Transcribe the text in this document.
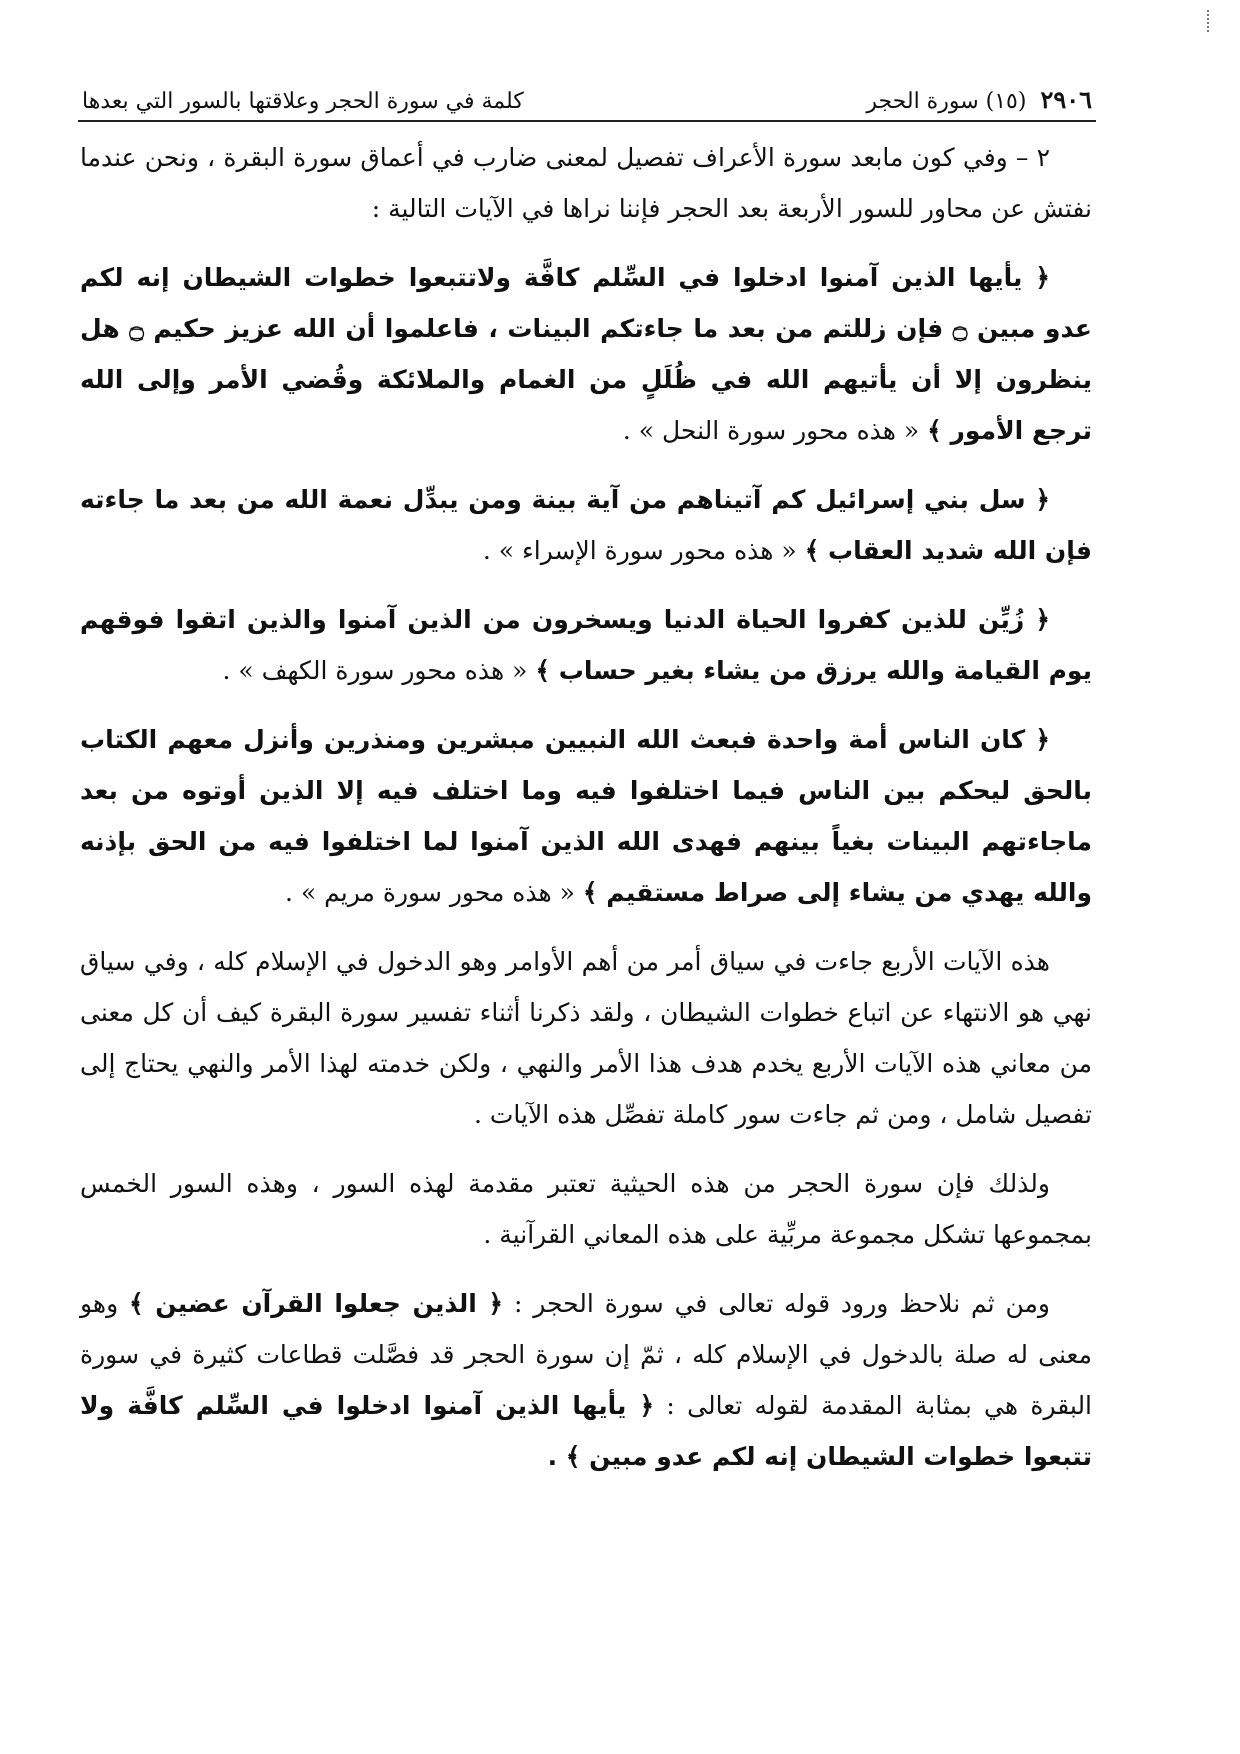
٢٩٠٦
(١٥) سورة الحجر
كلمة في سورة الحجر وعلاقتها بالسور التي بعدها

٢ – وفي كون مابعد سورة الأعراف تفصيل لمعنى ضارب في أعماق سورة البقرة ، ونحن عندما نفتش عن محاور للسور الأربعة بعد الحجر فإننا نراها في الآيات التالية :

﴿ يأيها الذين آمنوا ادخلوا في السِّلم كافَّة ولاتتبعوا خطوات الشيطان إنه لكم عدو مبين ۝ فإن زللتم من بعد ما جاءتكم البينات ، فاعلموا أن الله عزيز حكيم ۝ هل ينظرون إلا أن يأتيهم الله في ظُلَلٍ من الغمام والملائكة وقُضي الأمر وإلى الله ترجع الأمور ﴾ « هذه محور سورة النحل » .

﴿ سل بني إسرائيل كم آتيناهم من آية بينة ومن يبدِّل نعمة الله من بعد ما جاءته فإن الله شديد العقاب ﴾ « هذه محور سورة الإسراء » .

﴿ زُيِّن للذين كفروا الحياة الدنيا ويسخرون من الذين آمنوا والذين اتقوا فوقهم يوم القيامة والله يرزق من يشاء بغير حساب ﴾ « هذه محور سورة الكهف » .

﴿ كان الناس أمة واحدة فبعث الله النبيين مبشرين ومنذرين وأنزل معهم الكتاب بالحق ليحكم بين الناس فيما اختلفوا فيه وما اختلف فيه إلا الذين أوتوه من بعد ماجاءتهم البينات بغياً بينهم فهدى الله الذين آمنوا لما اختلفوا فيه من الحق بإذنه والله يهدي من يشاء إلى صراط مستقيم ﴾ « هذه محور سورة مريم » .

هذه الآيات الأربع جاءت في سياق أمر من أهم الأوامر وهو الدخول في الإسلام كله ، وفي سياق نهي هو الانتهاء عن اتباع خطوات الشيطان ، ولقد ذكرنا أثناء تفسير سورة البقرة كيف أن كل معنى من معاني هذه الآيات الأربع يخدم هدف هذا الأمر والنهي ، ولكن خدمته لهذا الأمر والنهي يحتاج إلى تفصيل شامل ، ومن ثم جاءت سور كاملة تفصِّل هذه الآيات .

ولذلك فإن سورة الحجر من هذه الحيثية تعتبر مقدمة لهذه السور ، وهذه السور الخمس بمجموعها تشكل مجموعة مربِّية على هذه المعاني القرآنية .

ومن ثم نلاحظ ورود قوله تعالى في سورة الحجر : ﴿ الذين جعلوا القرآن عضين ﴾ وهو معنى له صلة بالدخول في الإسلام كله ، ثمّ إن سورة الحجر قد فصَّلت قطاعات كثيرة في سورة البقرة هي بمثابة المقدمة لقوله تعالى : ﴿ يأيها الذين آمنوا ادخلوا في السِّلم كافَّة ولا تتبعوا خطوات الشيطان إنه لكم عدو مبين ﴾ .
